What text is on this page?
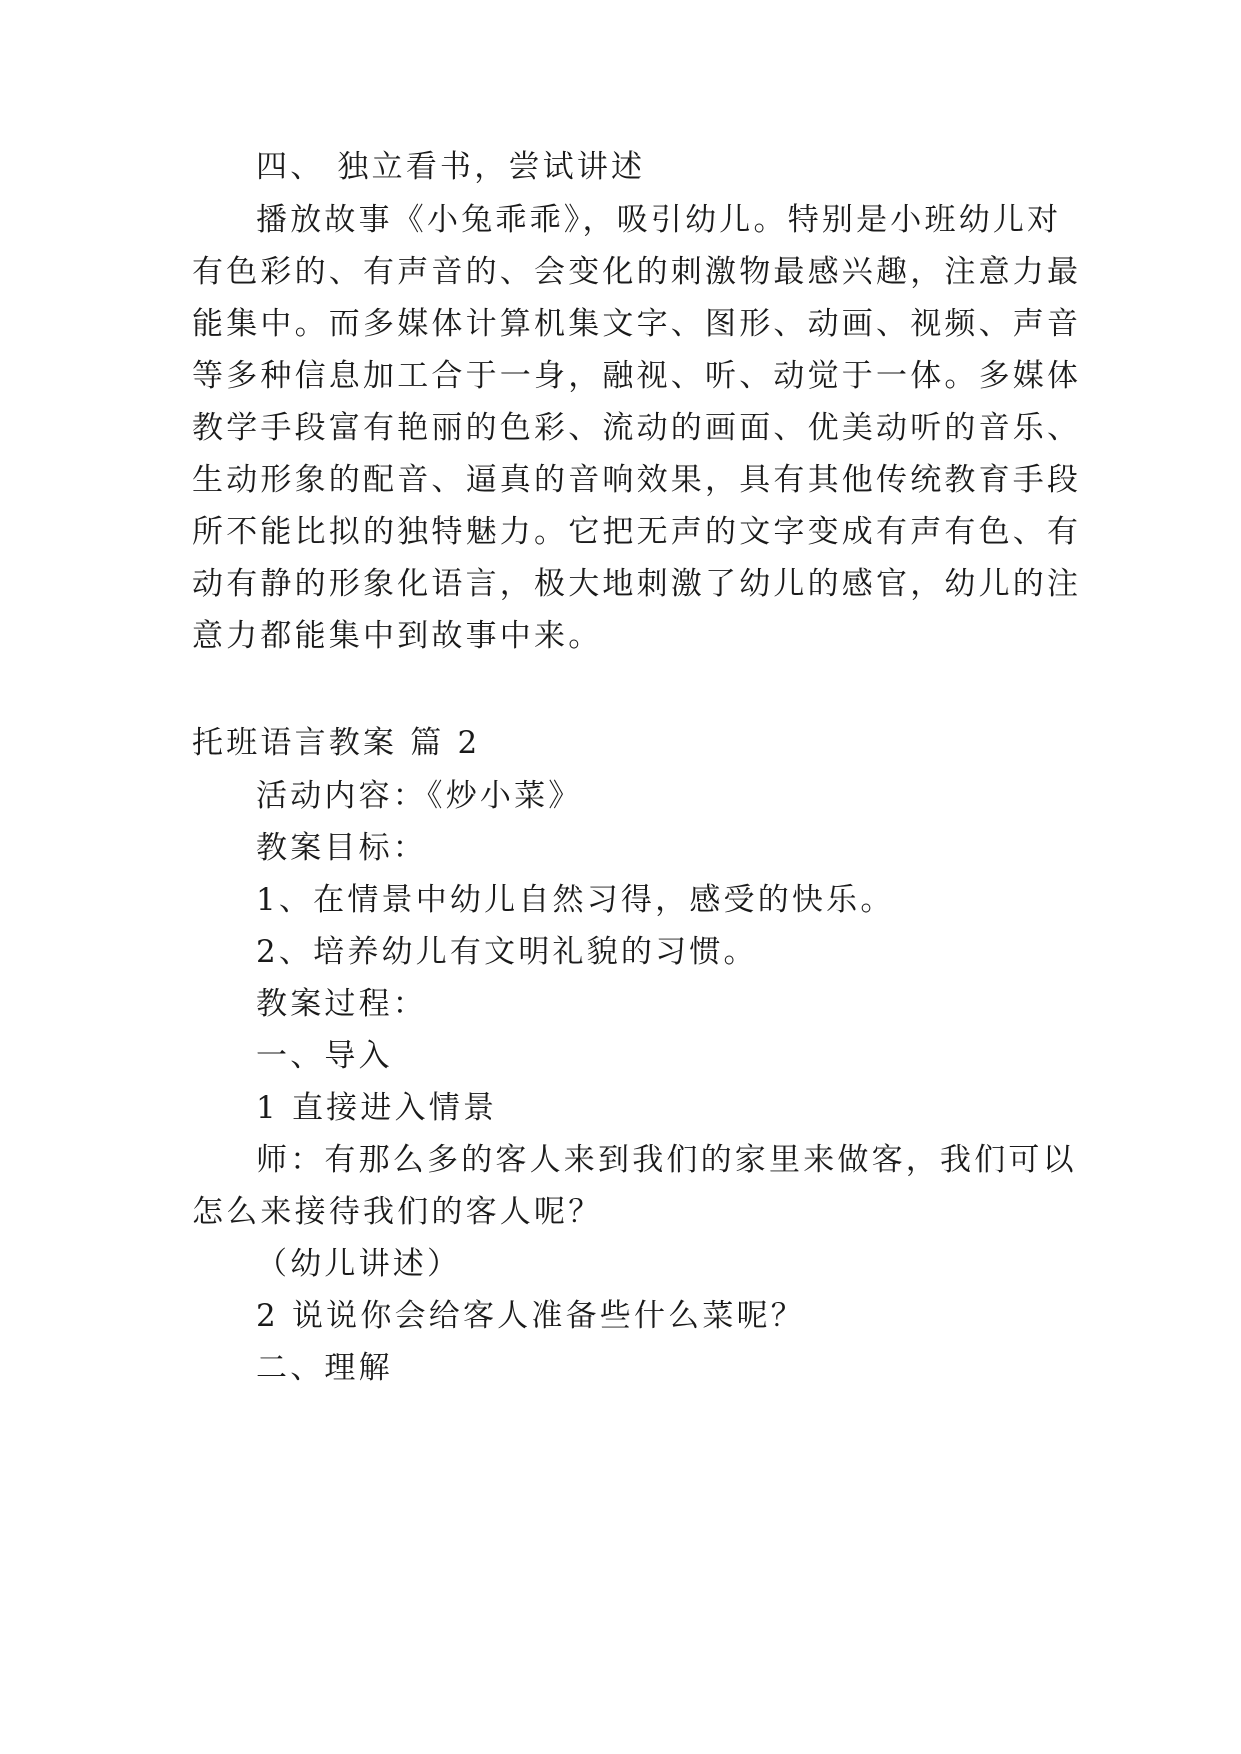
四、 独立看书，尝试讲述
播放故事《小兔乖乖》，吸引幼儿。特别是小班幼儿对
有色彩的、有声音的、会变化的刺激物最感兴趣，注意力最
能集中。而多媒体计算机集文字、图形、动画、视频、声音
等多种信息加工合于一身，融视、听、动觉于一体。多媒体
教学手段富有艳丽的色彩、流动的画面、优美动听的音乐、
生动形象的配音、逼真的音响效果，具有其他传统教育手段
所不能比拟的独特魅力。它把无声的文字变成有声有色、有
动有静的形象化语言，极大地刺激了幼儿的感官，幼儿的注
意力都能集中到故事中来。
托班语言教案 篇 2
活动内容：《炒小菜》
教案目标：
1、在情景中幼儿自然习得，感受的快乐。
2、培养幼儿有文明礼貌的习惯。
教案过程：
一、导入
1 直接进入情景
师：有那么多的客人来到我们的家里来做客，我们可以
怎么来接待我们的客人呢？
（幼儿讲述）
2 说说你会给客人准备些什么菜呢？
二、理解
